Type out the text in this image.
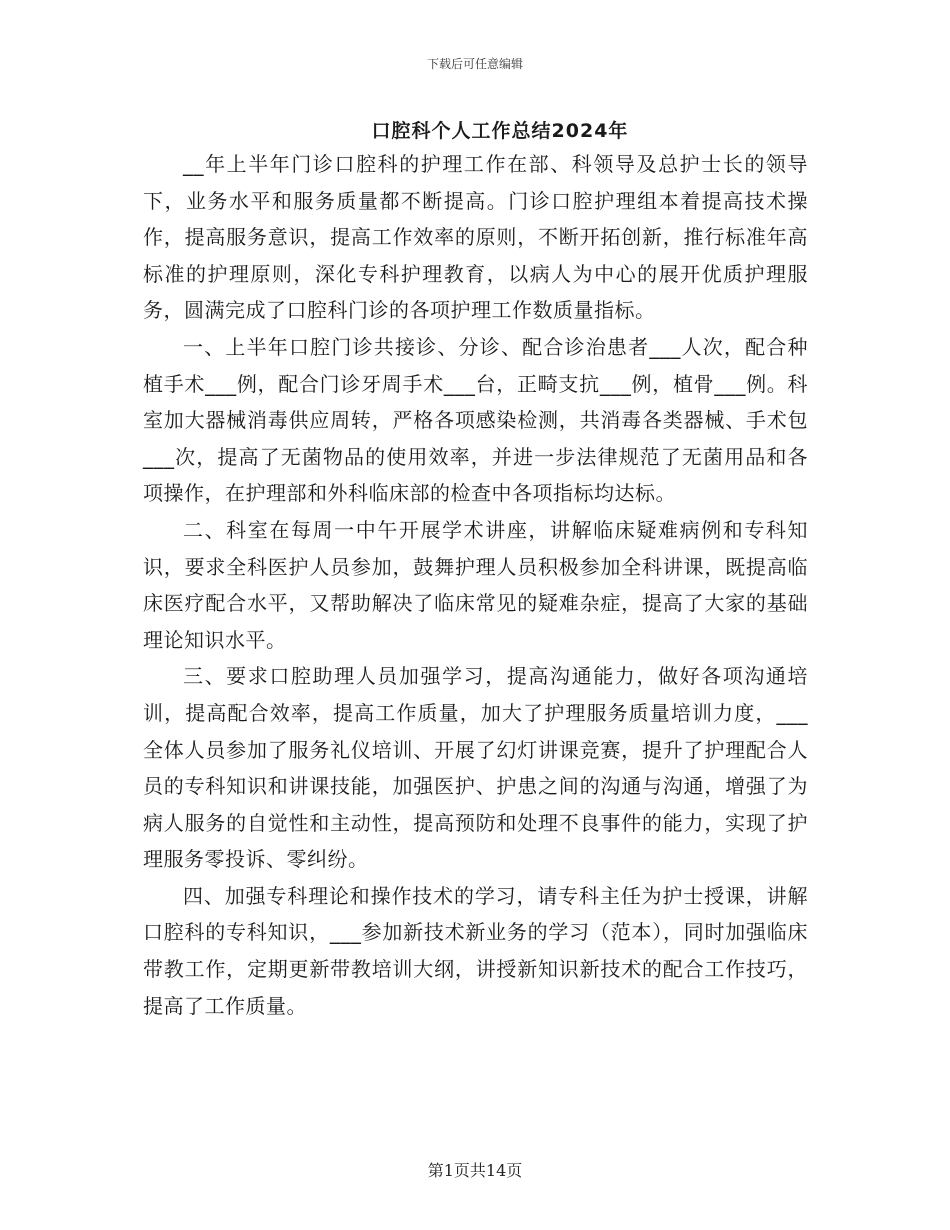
下载后可任意编辑
口腔科个人工作总结2024年

__年上半年门诊口腔科的护理工作在部、科领导及总护士长的领导下，业务水平和服务质量都不断提高。门诊口腔护理组本着提高技术操作，提高服务意识，提高工作效率的原则，不断开拓创新，推行标准年高标准的护理原则，深化专科护理教育，以病人为中心的展开优质护理服务，圆满完成了口腔科门诊的各项护理工作数质量指标。

一、上半年口腔门诊共接诊、分诊、配合诊治患者___人次，配合种植手术___例，配合门诊牙周手术___台，正畸支抗___例，植骨___例。科室加大器械消毒供应周转，严格各项感染检测，共消毒各类器械、手术包___次，提高了无菌物品的使用效率，并进一步法律规范了无菌用品和各项操作，在护理部和外科临床部的检查中各项指标均达标。

二、科室在每周一中午开展学术讲座，讲解临床疑难病例和专科知识，要求全科医护人员参加，鼓舞护理人员积极参加全科讲课，既提高临床医疗配合水平，又帮助解决了临床常见的疑难杂症，提高了大家的基础理论知识水平。

三、要求口腔助理人员加强学习，提高沟通能力，做好各项沟通培训，提高配合效率，提高工作质量，加大了护理服务质量培训力度，___全体人员参加了服务礼仪培训、开展了幻灯讲课竞赛，提升了护理配合人员的专科知识和讲课技能，加强医护、护患之间的沟通与沟通，增强了为病人服务的自觉性和主动性，提高预防和处理不良事件的能力，实现了护理服务零投诉、零纠纷。

四、加强专科理论和操作技术的学习，请专科主任为护士授课，讲解口腔科的专科知识，___参加新技术新业务的学习（范本），同时加强临床带教工作，定期更新带教培训大纲，讲授新知识新技术的配合工作技巧，提高了工作质量。

第1页共14页
